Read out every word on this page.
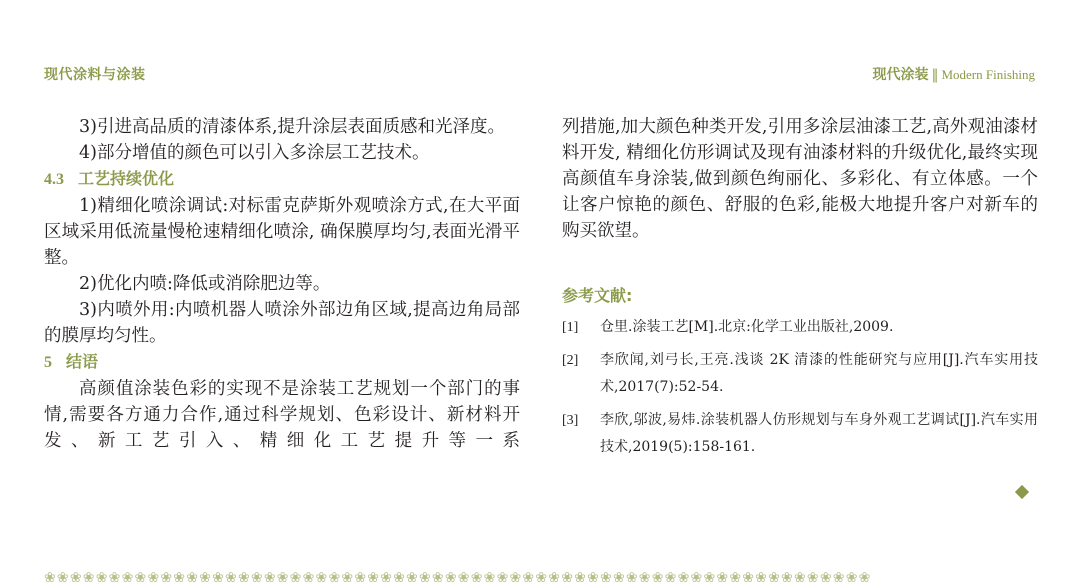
现代涂料与涂装	现代涂装 ‖ Modern Finishing

3)引进高品质的清漆体系,提升涂层表面质感和光泽度。

4)部分增值的颜色可以引入多涂层工艺技术。

4.3 工艺持续优化

1)精细化喷涂调试:对标雷克萨斯外观喷涂方式,在大平面区域采用低流量慢枪速精细化喷涂, 确保膜厚均匀,表面光滑平整。

2)优化内喷:降低或消除肥边等。

3)内喷外用:内喷机器人喷涂外部边角区域,提高边角局部的膜厚均匀性。

5 结语

高颜值涂装色彩的实现不是涂装工艺规划一个部门的事情,需要各方通力合作,通过科学规划、色彩设计、新材料开发、新工艺引入、精细化工艺提升等一系

列措施,加大颜色种类开发,引用多涂层油漆工艺,高外观油漆材料开发, 精细化仿形调试及现有油漆材料的升级优化,最终实现高颜值车身涂装,做到颜色绚丽化、多彩化、有立体感。一个让客户惊艳的颜色、舒服的色彩,能极大地提升客户对新车的购买欲望。

参考文献:
[1] 仓里.涂装工艺[M].北京:化学工业出版社,2009.
[2] 李欣闻,刘弓长,王亮.浅谈 2K 清漆的性能研究与应用[J].汽车实用技术,2017(7):52-54.
[3] 李欣,邬波,易炜.涂装机器人仿形规划与车身外观工艺调试[J].汽车实用技术,2019(5):158-161.
❀❀❀❀❀❀❀❀❀❀❀❀❀❀❀❀❀❀❀❀❀❀❀❀❀❀❀❀❀❀❀❀❀❀❀❀❀❀❀❀❀❀❀❀❀❀❀❀❀❀❀❀❀❀❀❀❀❀❀❀❀❀❀❀
